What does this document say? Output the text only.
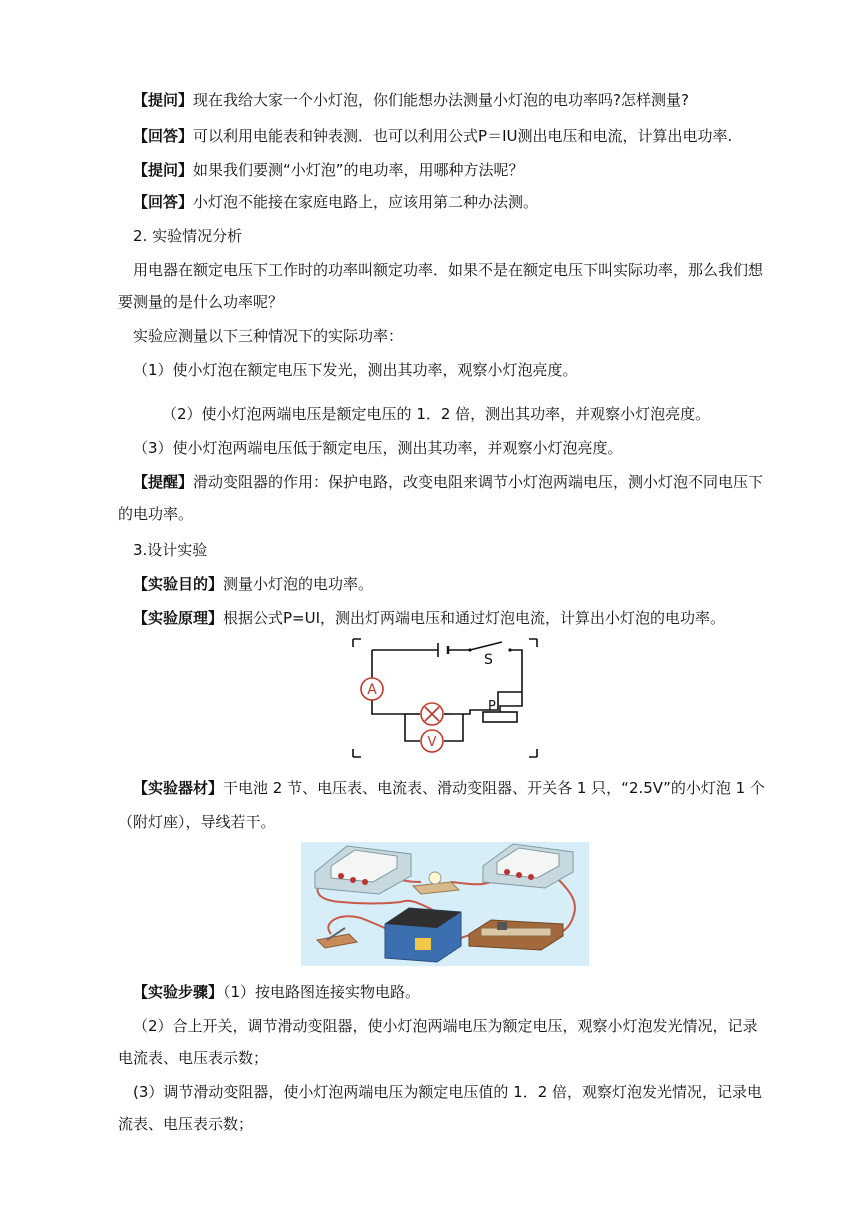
【提问】现在我给大家一个小灯泡，你们能想办法测量小灯泡的电功率吗?怎样测量?
【回答】可以利用电能表和钟表测．也可以利用公式P＝IU测出电压和电流，计算出电功率.
【提问】如果我们要测“小灯泡”的电功率，用哪种方法呢？
【回答】小灯泡不能接在家庭电路上，应该用第二种办法测。
2. 实验情况分析
用电器在额定电压下工作时的功率叫额定功率．如果不是在额定电压下叫实际功率，那么我们想
要测量的是什么功率呢？
实验应测量以下三种情况下的实际功率：
（1）使小灯泡在额定电压下发光，测出其功率，观察小灯泡亮度。
（2）使小灯泡两端电压是额定电压的 1．2 倍，测出其功率，并观察小灯泡亮度。
（3）使小灯泡两端电压低于额定电压，测出其功率，并观察小灯泡亮度。
【提醒】滑动变阻器的作用：保护电路，改变电阻来调节小灯泡两端电压，测小灯泡不同电压下
的电功率。
3.设计实验
【实验目的】测量小灯泡的电功率。
【实验原理】根据公式P=UI，测出灯两端电压和通过灯泡电流，计算出小灯泡的电功率。
A
V
S
P
【实验器材】干电池 2 节、电压表、电流表、滑动变阻器、开关各 1 只，“2.5V”的小灯泡 1 个
（附灯座），导线若干。
【实验步骤】（1）按电路图连接实物电路。
（2）合上开关，调节滑动变阻器，使小灯泡两端电压为额定电压，观察小灯泡发光情况，记录
电流表、电压表示数；
(3）调节滑动变阻器，使小灯泡两端电压为额定电压值的 1．2 倍，观察灯泡发光情况，记录电
流表、电压表示数；
